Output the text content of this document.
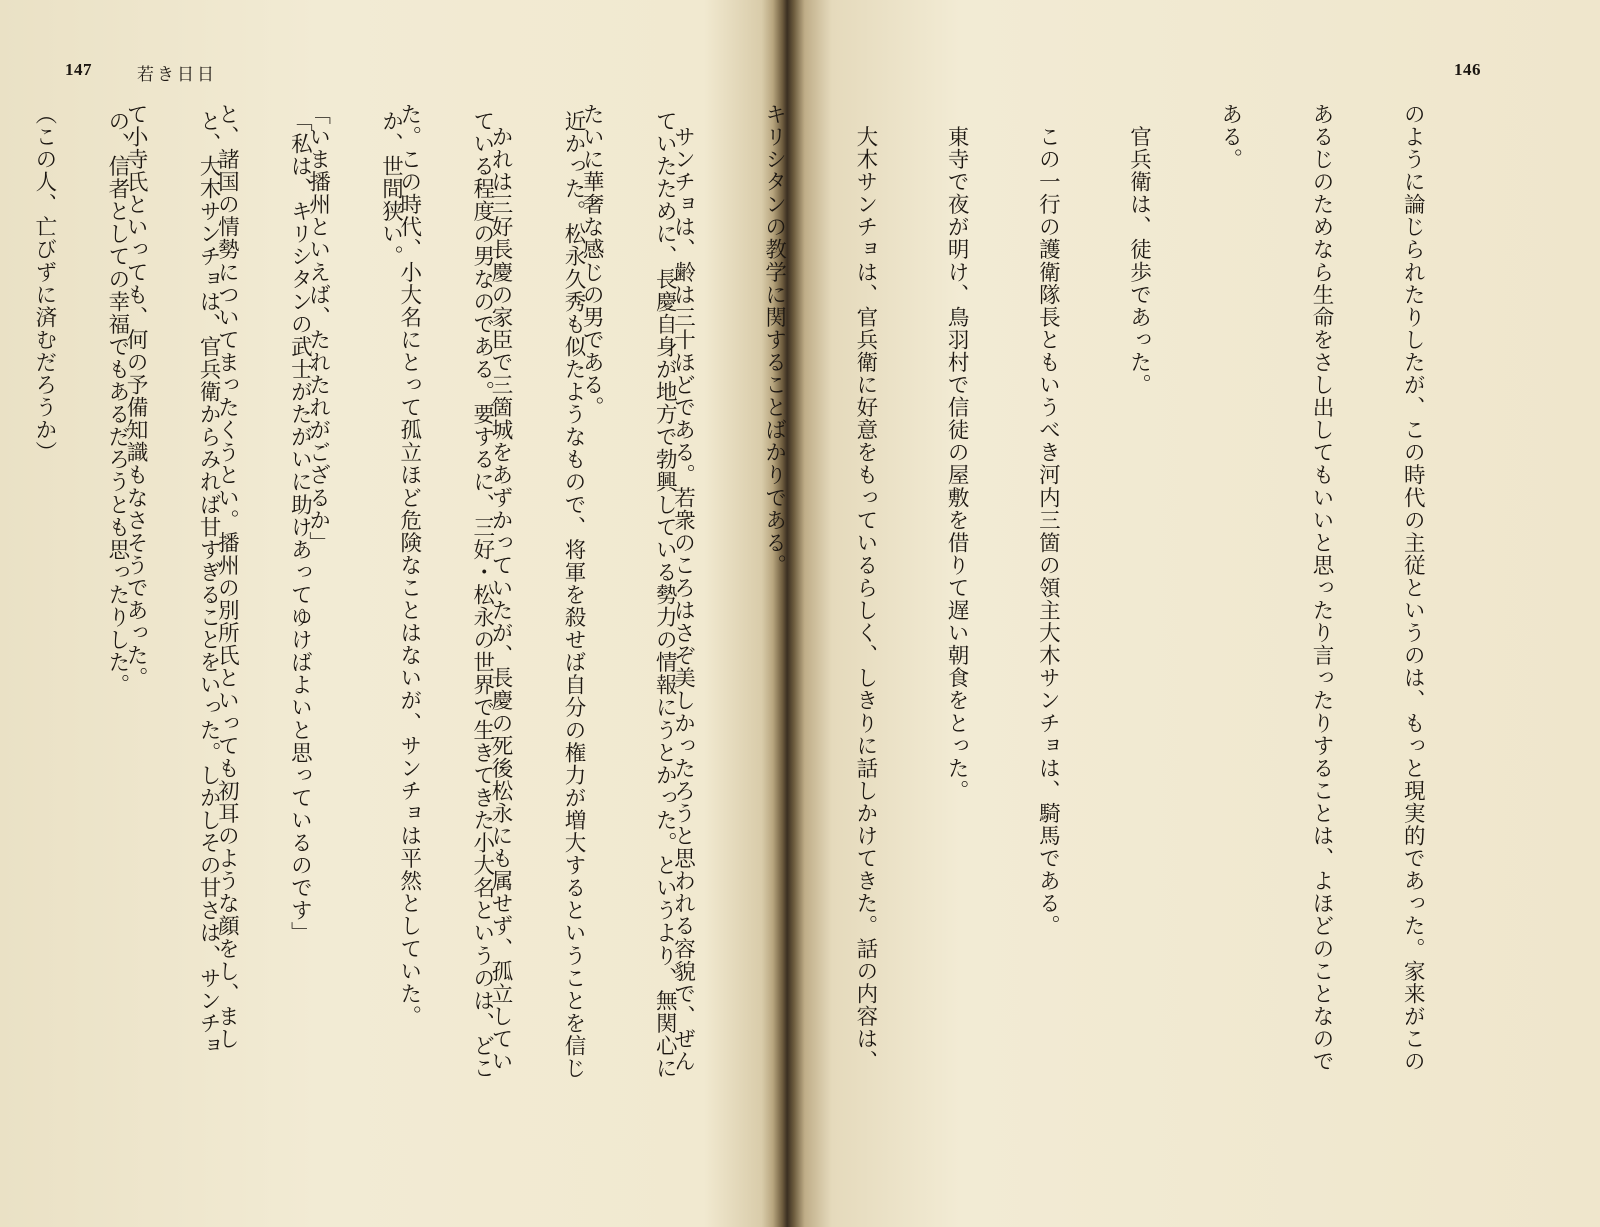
147	若き日日

ていたために、長慶自身が地方で勃興している勢力の情報にうとかった。というより、無関心に

近かった。松永久秀も似たようなもので、将軍を殺せば自分の権力が増大するということを信じ

ている程度の男なのである。要するに、三好・松永の世界で生きてきた小大名というのは、どこ

か、世間狭い。

「私は、キリシタンの武士がたがいに助けあってゆけばよいと思っているのです」

と、大木サンチョは、官兵衛からみれば甘すぎることをいった。しかしその甘さは、サンチョ

の、信者としての幸福でもあるだろうとも思ったりした。

146

のように論じられたりしたが、この時代の主従というのは、もっと現実的であった。家来がこの

あるじのためなら生命をさし出してもいいと思ったり言ったりすることは、よほどのことなので

ある。

　官兵衛は、徒歩であった。

　この一行の護衛隊長ともいうべき河内三箇の領主大木サンチョは、騎馬である。

　東寺で夜が明け、鳥羽村で信徒の屋敷を借りて遅い朝食をとった。

　大木サンチョは、官兵衛に好意をもっているらしく、しきりに話しかけてきた。話の内容は、

キリシタンの教学に関することばかりである。

　サンチョは、齢は三十ほどである。若衆のころはさぞ美しかったろうと思われる容貌で、ぜん

たいに華奢な感じの男である。

　かれは三好長慶の家臣で三箇城をあずかっていたが、長慶の死後松永にも属せず、孤立してい

た。この時代、小大名にとって孤立ほど危険なことはないが、サンチョは平然としていた。

「いま播州といえば、たれたれがござるか」

と、諸国の情勢についてまったくうとい。播州の別所氏といっても初耳のような顔をし、まし

て小寺氏といっても、何の予備知識もなさそうであった。

（この人、亡びずに済むだろうか）
